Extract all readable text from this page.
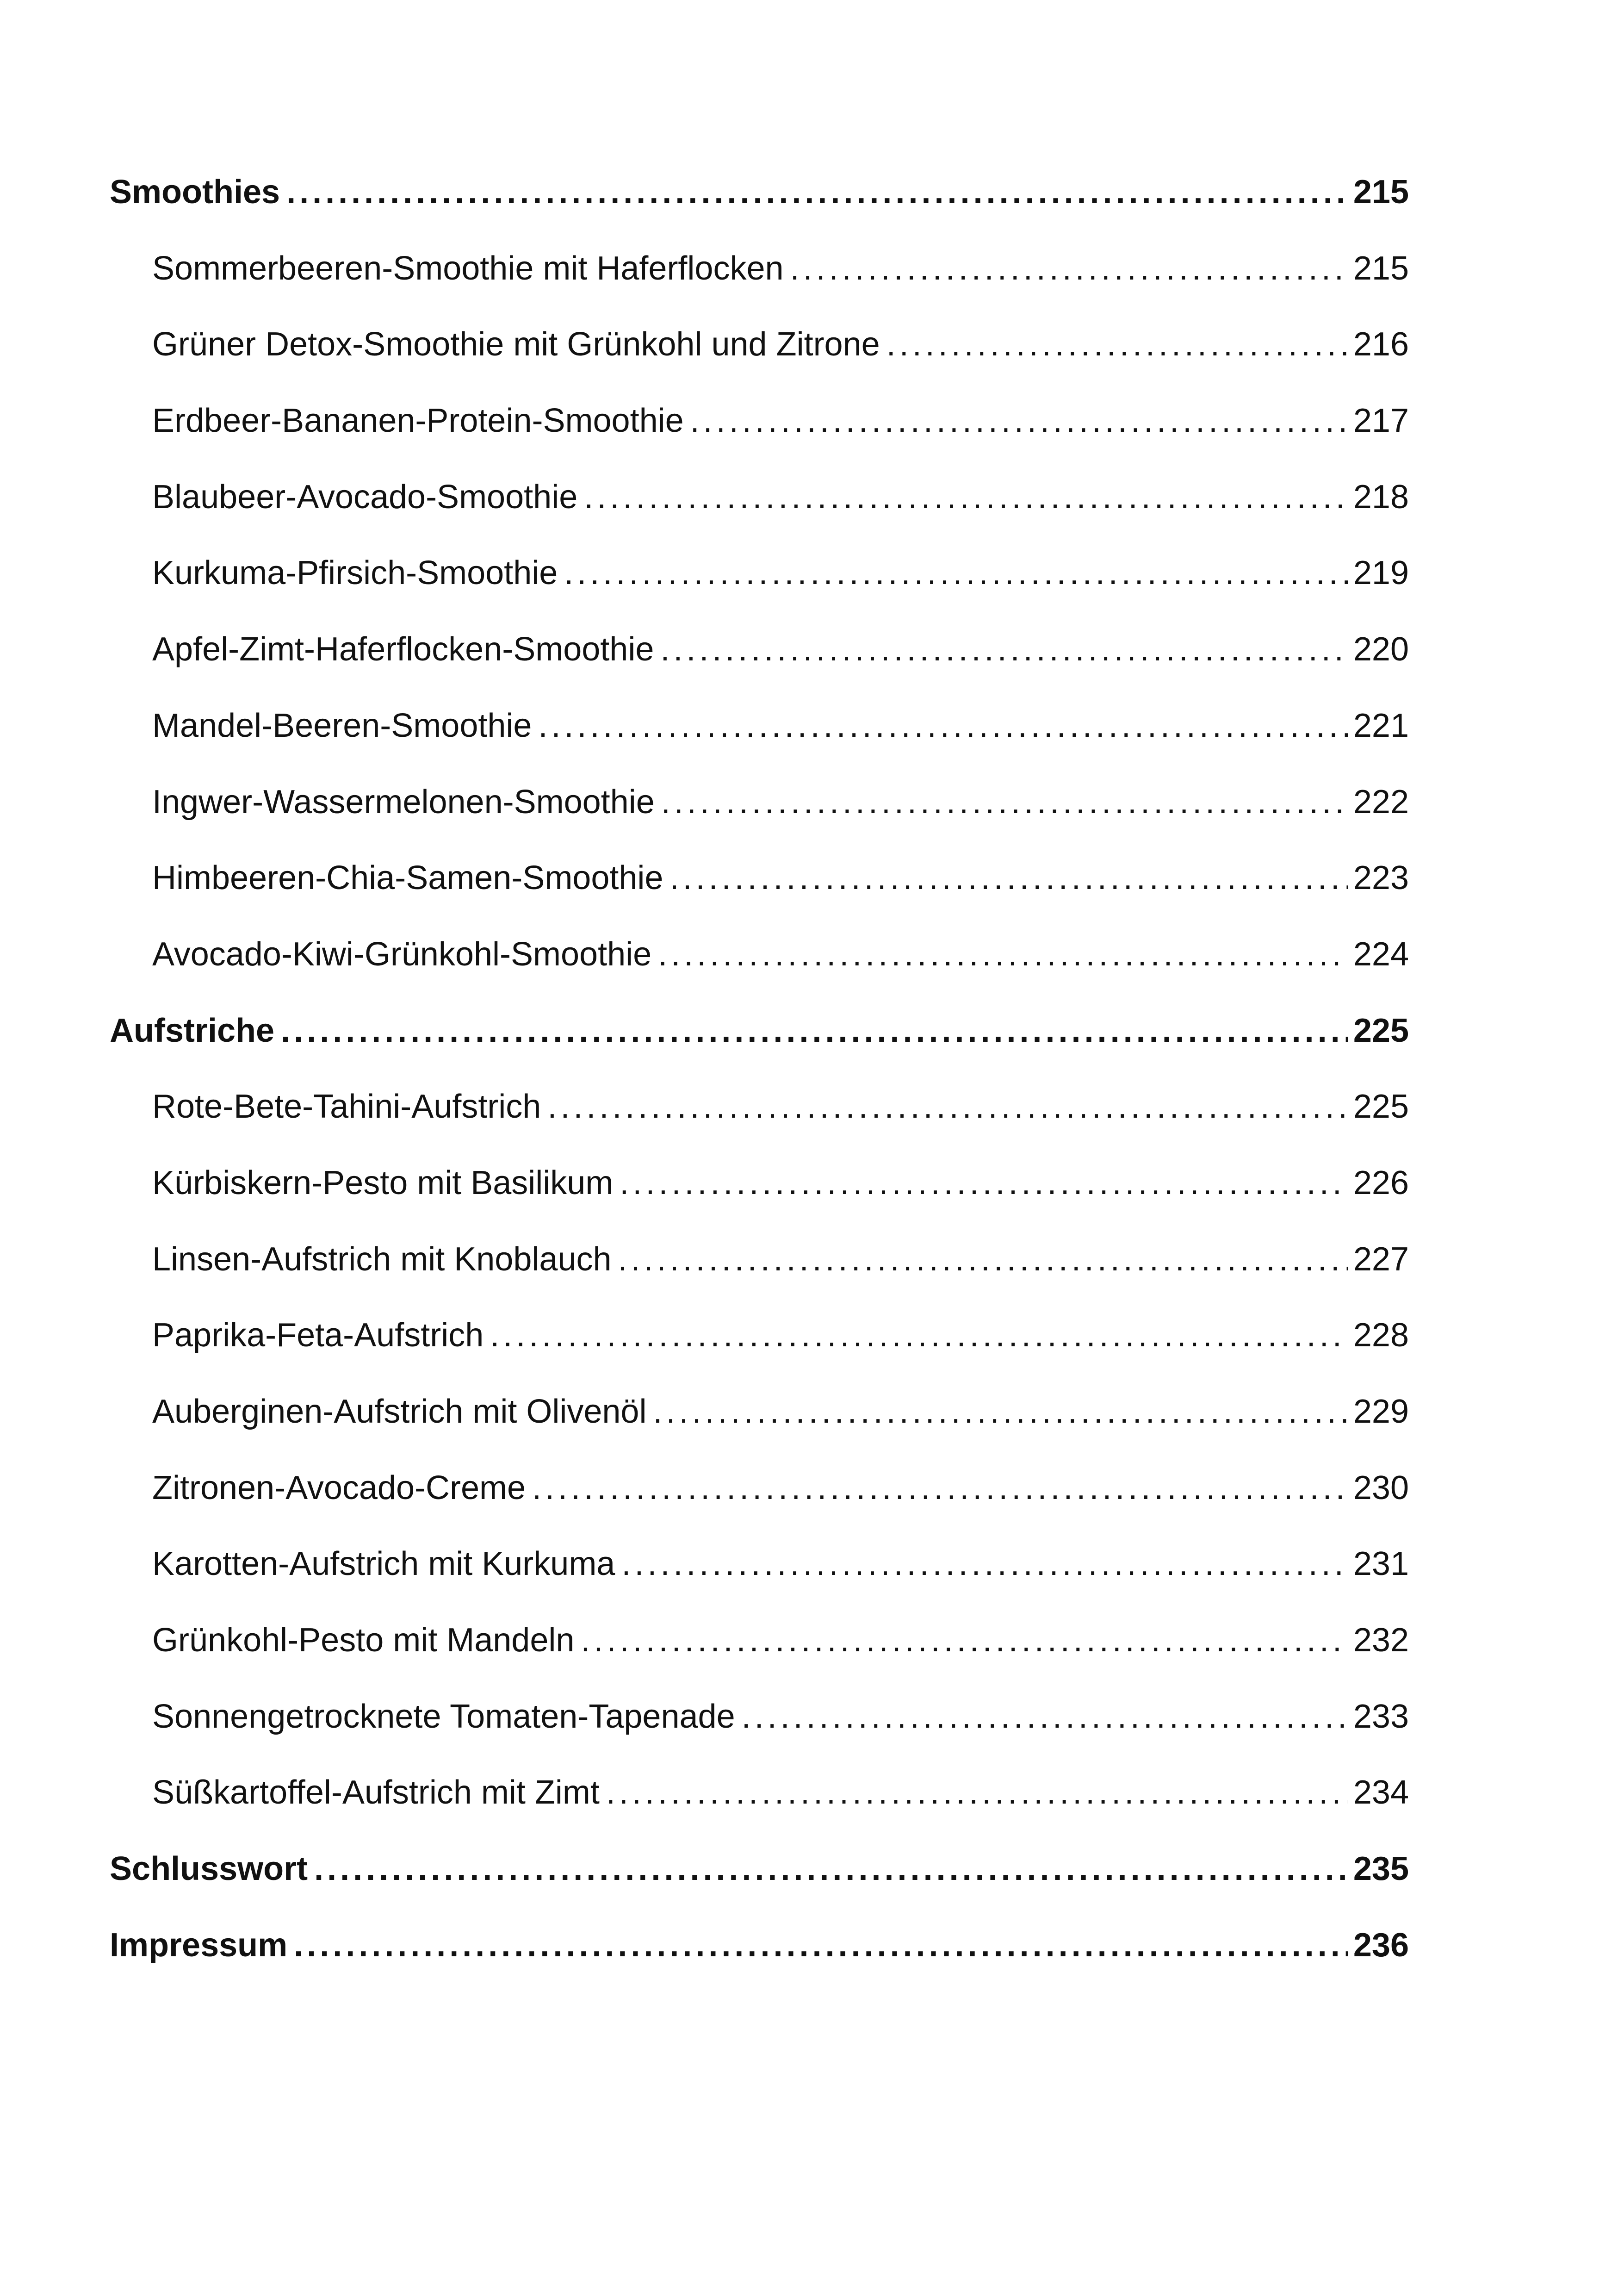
Smoothies . . .	215
Sommerbeeren-Smoothie mit Haferflocken . . .	215
Grüner Detox-Smoothie mit Grünkohl und Zitrone . . .	216
Erdbeer-Bananen-Protein-Smoothie . . .	217
Blaubeer-Avocado-Smoothie . . .	218
Kurkuma-Pfirsich-Smoothie . . .	219
Apfel-Zimt-Haferflocken-Smoothie . . .	220
Mandel-Beeren-Smoothie . . .	221
Ingwer-Wassermelonen-Smoothie . . .	222
Himbeeren-Chia-Samen-Smoothie . . .	223
Avocado-Kiwi-Grünkohl-Smoothie . . .	224
Aufstriche . . .	225
Rote-Bete-Tahini-Aufstrich . . .	225
Kürbiskern-Pesto mit Basilikum . . .	226
Linsen-Aufstrich mit Knoblauch . . .	227
Paprika-Feta-Aufstrich . . .	228
Auberginen-Aufstrich mit Olivenöl . . .	229
Zitronen-Avocado-Creme . . .	230
Karotten-Aufstrich mit Kurkuma . . .	231
Grünkohl-Pesto mit Mandeln . . .	232
Sonnengetrocknete Tomaten-Tapenade . . .	233
Süßkartoffel-Aufstrich mit Zimt . . .	234
Schlusswort . . .	235
Impressum . . .	236
